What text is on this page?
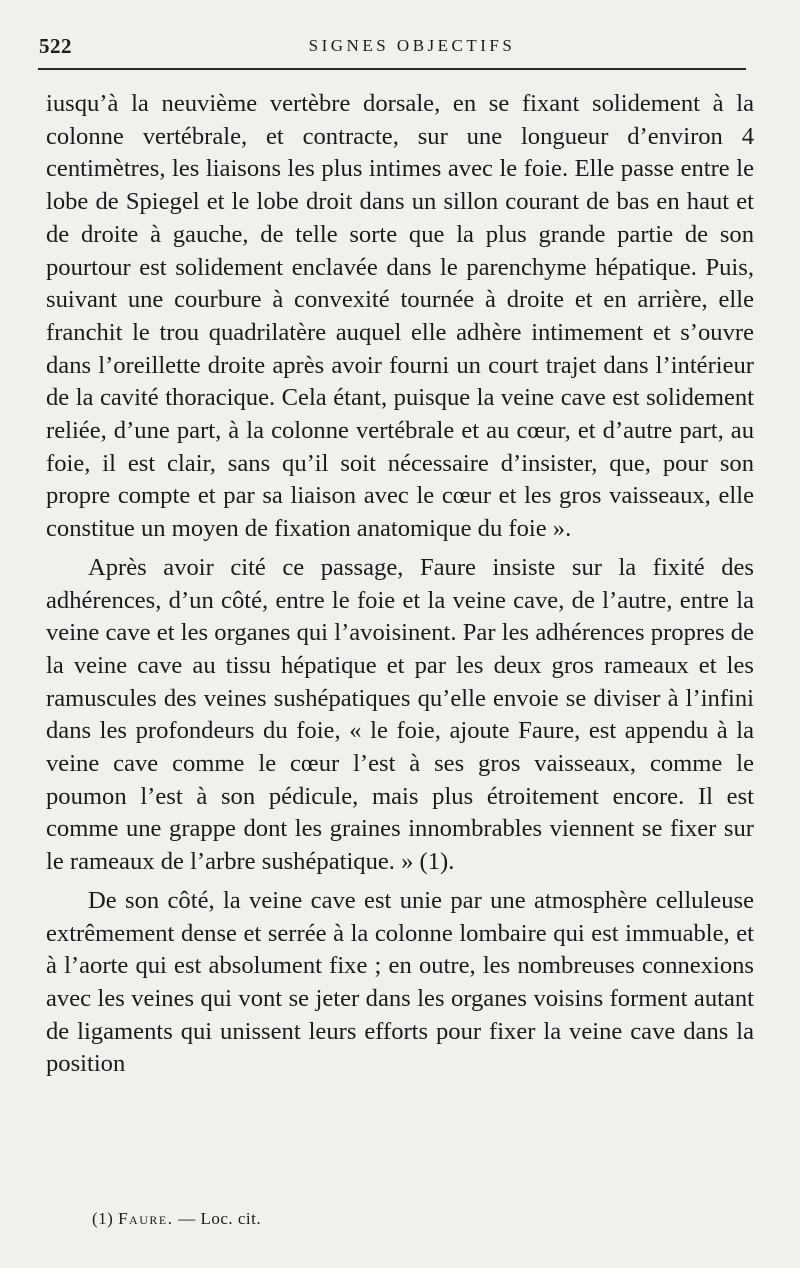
522	SIGNES OBJECTIFS

iusqu’à la neuvième vertèbre dorsale, en se fixant solidement à la colonne vertébrale, et contracte, sur une longueur d’environ 4 centimètres, les liaisons les plus intimes avec le foie. Elle passe entre le lobe de Spiegel et le lobe droit dans un sillon courant de bas en haut et de droite à gauche, de telle sorte que la plus grande partie de son pourtour est solidement enclavée dans le parenchyme hépatique. Puis, suivant une courbure à convexité tournée à droite et en arrière, elle franchit le trou quadrilatère auquel elle adhère intimement et s’ouvre dans l’oreillette droite après avoir fourni un court trajet dans l’intérieur de la cavité thoracique. Cela étant, puisque la veine cave est solidement reliée, d’une part, à la colonne vertébrale et au cœur, et d’autre part, au foie, il est clair, sans qu’il soit nécessaire d’insister, que, pour son propre compte et par sa liaison avec le cœur et les gros vaisseaux, elle constitue un moyen de fixation anatomique du foie ».

Après avoir cité ce passage, Faure insiste sur la fixité des adhérences, d’un côté, entre le foie et la veine cave, de l’autre, entre la veine cave et les organes qui l’avoisinent. Par les adhérences propres de la veine cave au tissu hépatique et par les deux gros rameaux et les ramuscules des veines sushépatiques qu’elle envoie se diviser à l’infini dans les profondeurs du foie, « le foie, ajoute Faure, est appendu à la veine cave comme le cœur l’est à ses gros vaisseaux, comme le poumon l’est à son pédicule, mais plus étroitement encore. Il est comme une grappe dont les graines innombrables viennent se fixer sur le rameaux de l’arbre sushépatique. » (1).

De son côté, la veine cave est unie par une atmosphère celluleuse extrêmement dense et serrée à la colonne lombaire qui est immuable, et à l’aorte qui est absolument fixe ; en outre, les nombreuses connexions avec les veines qui vont se jeter dans les organes voisins forment autant de ligaments qui unissent leurs efforts pour fixer la veine cave dans la position

(1) Faure. — Loc. cit.
